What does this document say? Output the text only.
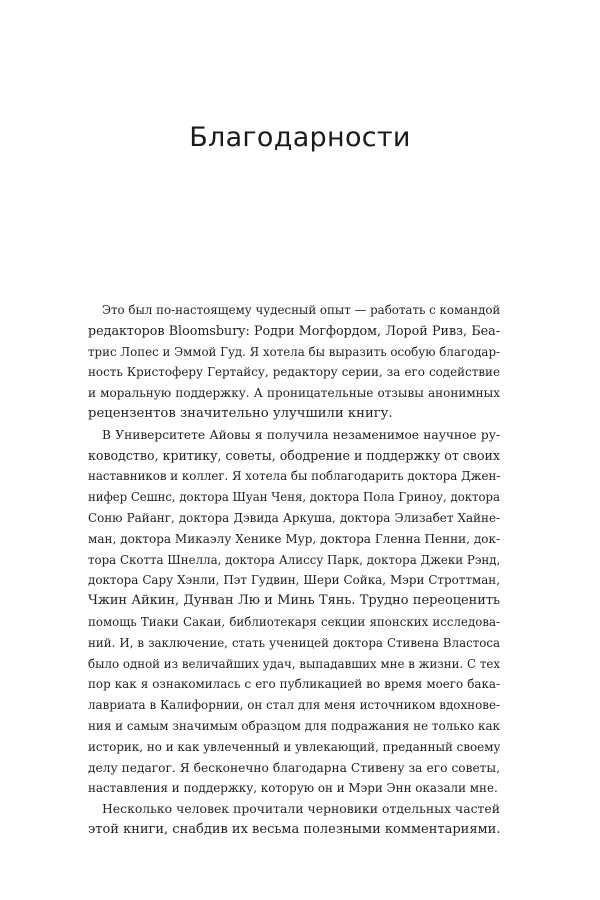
Благодарности
Это был по-настоящему чудесный опыт — работать с командой
редакторов Bloomsbury: Родри Могфордом, Лорой Ривз, Беа-
трис Лопес и Эммой Гуд. Я хотела бы выразить особую благодар-
ность Кристоферу Гертайсу, редактору серии, за его содействие
и моральную поддержку. А проницательные отзывы анонимных
рецензентов значительно улучшили книгу.
В Университете Айовы я получила незаменимое научное ру-
ководство, критику, советы, ободрение и поддержку от своих
наставников и коллег. Я хотела бы поблагодарить доктора Джен-
нифер Сешнс, доктора Шуан Ченя, доктора Пола Гриноу, доктора
Соню Райанг, доктора Дэвида Аркуша, доктора Элизабет Хайне-
ман, доктора Микаэлу Хенике Мур, доктора Гленна Пенни, док-
тора Скотта Шнелла, доктора Алиссу Парк, доктора Джеки Рэнд,
доктора Сару Хэнли, Пэт Гудвин, Шери Сойка, Мэри Строттман,
Чжин Айкин, Дунван Лю и Минь Тянь. Трудно переоценить
помощь Тиаки Сакаи, библиотекаря секции японских исследова-
ний. И, в заключение, стать ученицей доктора Стивена Властоса
было одной из величайших удач, выпадавших мне в жизни. С тех
пор как я ознакомилась с его публикацией во время моего бака-
лавриата в Калифорнии, он стал для меня источником вдохнове-
ния и самым значимым образцом для подражания не только как
историк, но и как увлеченный и увлекающий, преданный своему
делу педагог. Я бесконечно благодарна Стивену за его советы,
наставления и поддержку, которую он и Мэри Энн оказали мне.
Несколько человек прочитали черновики отдельных частей
этой книги, снабдив их весьма полезными комментариями.
